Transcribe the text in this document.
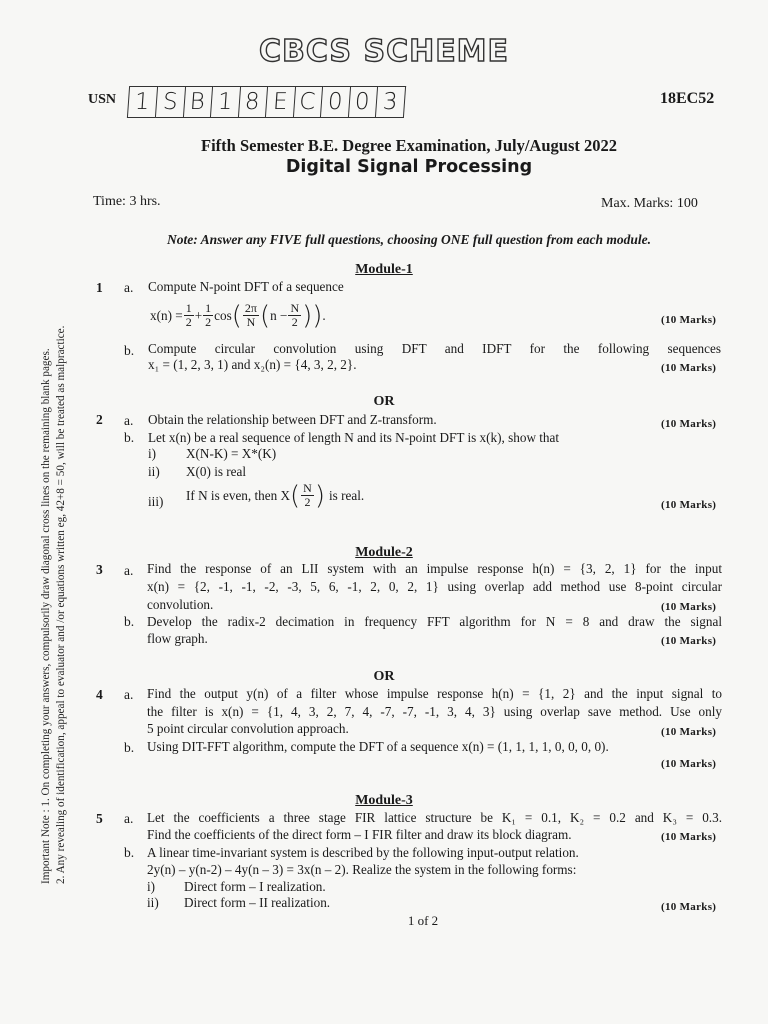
CBCS SCHEME
USN 1 S B 1 8 E C 0 0 3	18EC52
Fifth Semester B.E. Degree Examination, July/August 2022
Digital Signal Processing
Time: 3 hrs.	Max. Marks: 100
Note: Answer any FIVE full questions, choosing ONE full question from each module.
Important Note : 1. On completing your answers, compulsorily draw diagonal cross lines on the remaining blank pages. 2. Any revealing of identification, appeal to evaluator and /or equations written eg, 42+8 = 50, will be treated as malpractice.
Module-1
1 a. Compute N-point DFT of a sequence
$x(n) = \frac{1}{2} + \frac{1}{2}$ cos ( $\frac{2\pi}{N}$ ( $n - \frac{N}{2}$ )) .	(10 Marks)
b. Compute circular convolution using DFT and IDFT for the following sequences
x₁ = (1, 2, 3, 1) and x₂(n) = {4, 3, 2, 2}.	(10 Marks)
OR
2 a. Obtain the relationship between DFT and Z-transform.	(10 Marks)
b. Let x(n) be a real sequence of length N and its N-point DFT is x(k), show that
i) X(N-K) = X*(K)
ii) X(0) is real
iii) If N is even, then X ( $\frac{N}{2}$ ) is real.
(10 Marks)
Module-2
3 a. Find the response of an LII system with an impulse response h(n) = {3, 2, 1} for the input
x(n) = {2, -1, -1, -2, -3, 5, 6, -1, 2, 0, 2, 1} using overlap add method use 8-point circular
convolution.	(10 Marks)
b. Develop the radix-2 decimation in frequency FFT algorithm for N = 8 and draw the signal
flow graph.	(10 Marks)
OR
4 a. Find the output y(n) of a filter whose impulse response h(n) = {1, 2} and the input signal to
the filter is x(n) = {1, 4, 3, 2, 7, 4, -7, -7, -1, 3, 4, 3} using overlap save method. Use only
5 point circular convolution approach.	(10 Marks)
b. Using DIT-FFT algorithm, compute the DFT of a sequence x(n) = (1, 1, 1, 1, 0, 0, 0, 0).
(10 Marks)
Module-3
5 a. Let the coefficients a three stage FIR lattice structure be K₁ = 0.1, K₂ = 0.2 and K₃ = 0.3.
Find the coefficients of the direct form – I FIR filter and draw its block diagram.	(10 Marks)
b. A linear time-invariant system is described by the following input-output relation.
2y(n) – y(n-2) – 4y(n – 3) = 3x(n – 2). Realize the system in the following forms:
i) Direct form – I realization.
ii) Direct form – II realization.	(10 Marks)
1 of 2
